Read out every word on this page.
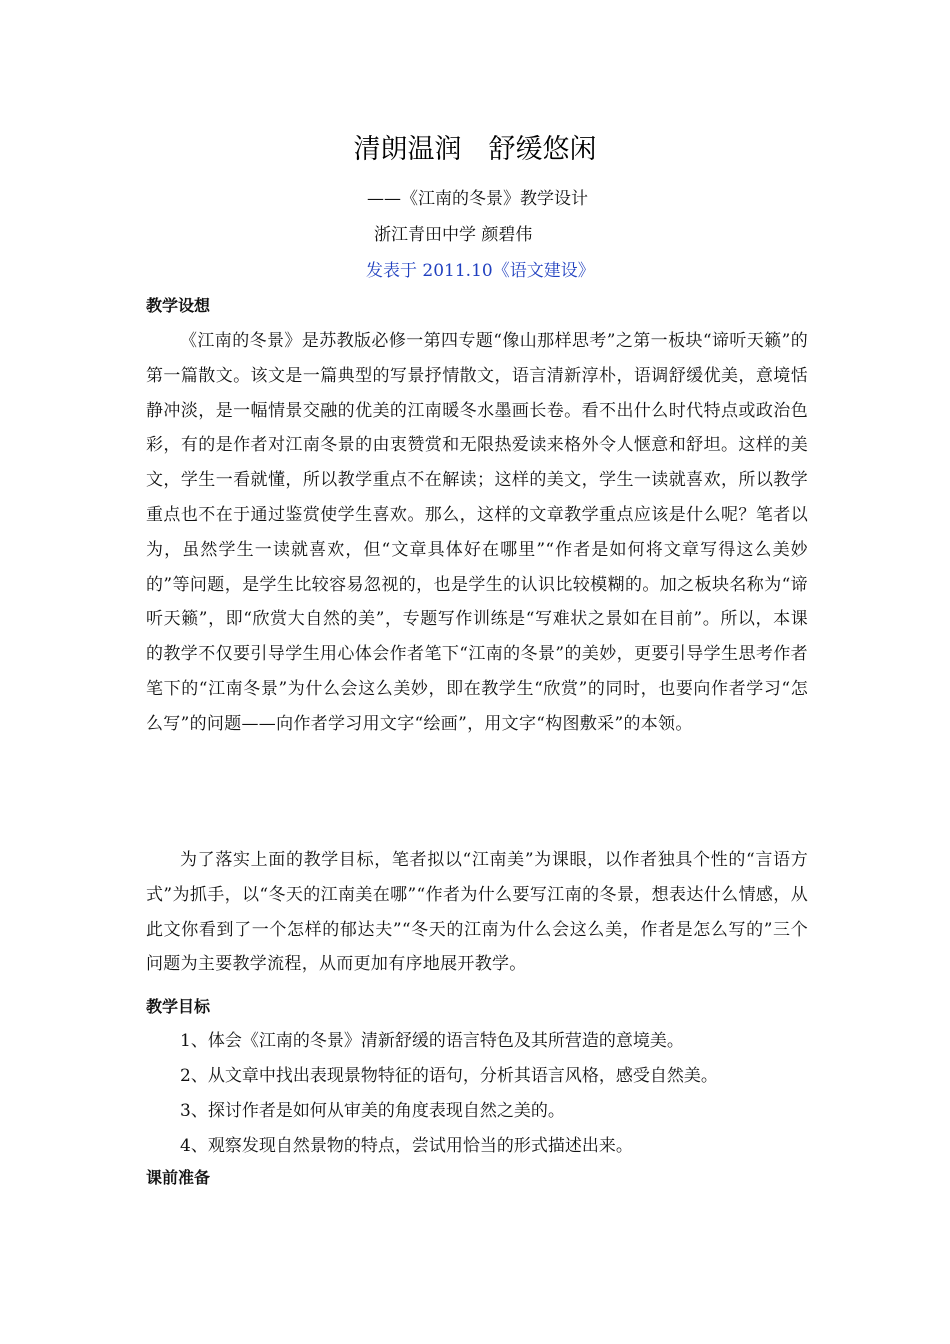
清朗温润　舒缓悠闲
——《江南的冬景》教学设计
浙江青田中学 颜碧伟
发表于 2011.10《语文建设》
教学设想

《江南的冬景》是苏教版必修一第四专题“像山那样思考”之第一板块“谛听天籁”的第一篇散文。该文是一篇典型的写景抒情散文，语言清新淳朴，语调舒缓优美，意境恬静冲淡，是一幅情景交融的优美的江南暖冬水墨画长卷。看不出什么时代特点或政治色彩，有的是作者对江南冬景的由衷赞赏和无限热爱读来格外令人惬意和舒坦。这样的美文，学生一看就懂，所以教学重点不在解读；这样的美文，学生一读就喜欢，所以教学重点也不在于通过鉴赏使学生喜欢。那么，这样的文章教学重点应该是什么呢？笔者以为，虽然学生一读就喜欢，但“文章具体好在哪里”“作者是如何将文章写得这么美妙的”等问题，是学生比较容易忽视的，也是学生的认识比较模糊的。加之板块名称为“谛听天籁”，即“欣赏大自然的美”，专题写作训练是“写难状之景如在目前”。所以，本课的教学不仅要引导学生用心体会作者笔下“江南的冬景”的美妙，更要引导学生思考作者笔下的“江南冬景”为什么会这么美妙，即在教学生“欣赏”的同时，也要向作者学习“怎么写”的问题——向作者学习用文字“绘画”，用文字“构图敷采”的本领。

为了落实上面的教学目标，笔者拟以“江南美”为课眼，以作者独具个性的“言语方式”为抓手，以“冬天的江南美在哪”“作者为什么要写江南的冬景，想表达什么情感，从此文你看到了一个怎样的郁达夫”“冬天的江南为什么会这么美，作者是怎么写的”三个问题为主要教学流程，从而更加有序地展开教学。

教学目标
1、体会《江南的冬景》清新舒缓的语言特色及其所营造的意境美。
2、从文章中找出表现景物特征的语句，分析其语言风格，感受自然美。
3、探讨作者是如何从审美的角度表现自然之美的。
4、观察发现自然景物的特点，尝试用恰当的形式描述出来。
课前准备
